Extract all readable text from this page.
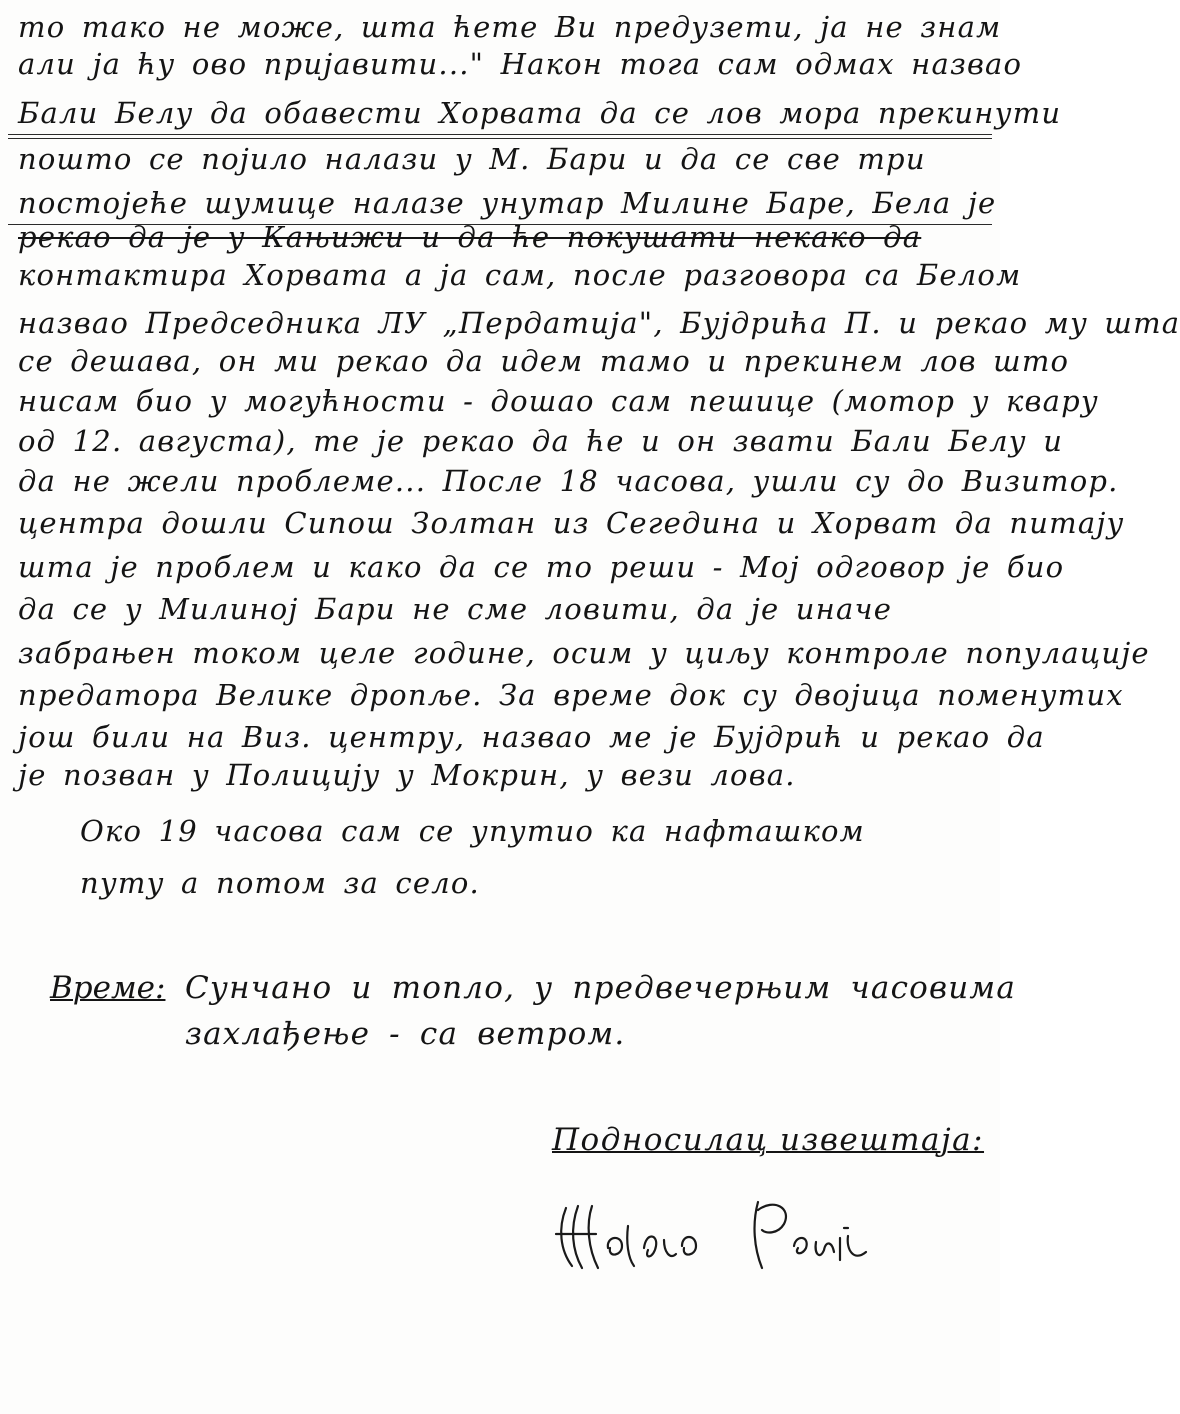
то тако не може, шта ћете Ви предузети, ја не знам
али ја ћу ово пријавити..." Након тога сам одмах назвао
Бали Белу да обавести Хорвата да се лов мора прекинути
пошто се појило налази у М. Бари и да се све три
постојеће шумице налазе унутар Милине Баре, Бела је
рекао да је у Кањижи и да ће покушати некако да
контактира Хорвата а ја сам, после разговора са Белом
назвао Председника ЛУ „Пердатија", Бујдрића П. и рекао му шта
се дешава, он ми рекао да идем тамо и прекинем лов што
нисам био у могућности - дошао сам пешице (мотор у квару
од 12. августа), те је рекао да ће и он звати Бали Белу и
да не жели проблеме... После 18 часова, ушли су до Визитор.
центра дошли Сипош Золтан из Сегедина и Хорват да питају
шта је проблем и како да се то реши - Мој одговор је био
да се у Милиној Бари не сме ловити, да је иначе
забрањен током целе године, осим у циљу контроле популације
предатора Велике дропље. За време док су двојица поменутих
још били на Виз. центру, назвао ме је Бујдрић и рекао да
је позван у Полицију у Мокрин, у вези лова.
Око 19 часова сам се упутио ка нафташком
путу а потом за село.
Време: Сунчано и топло, у предвечерњим часовима
захлађење - са ветром.
Подносилац извештаја:
